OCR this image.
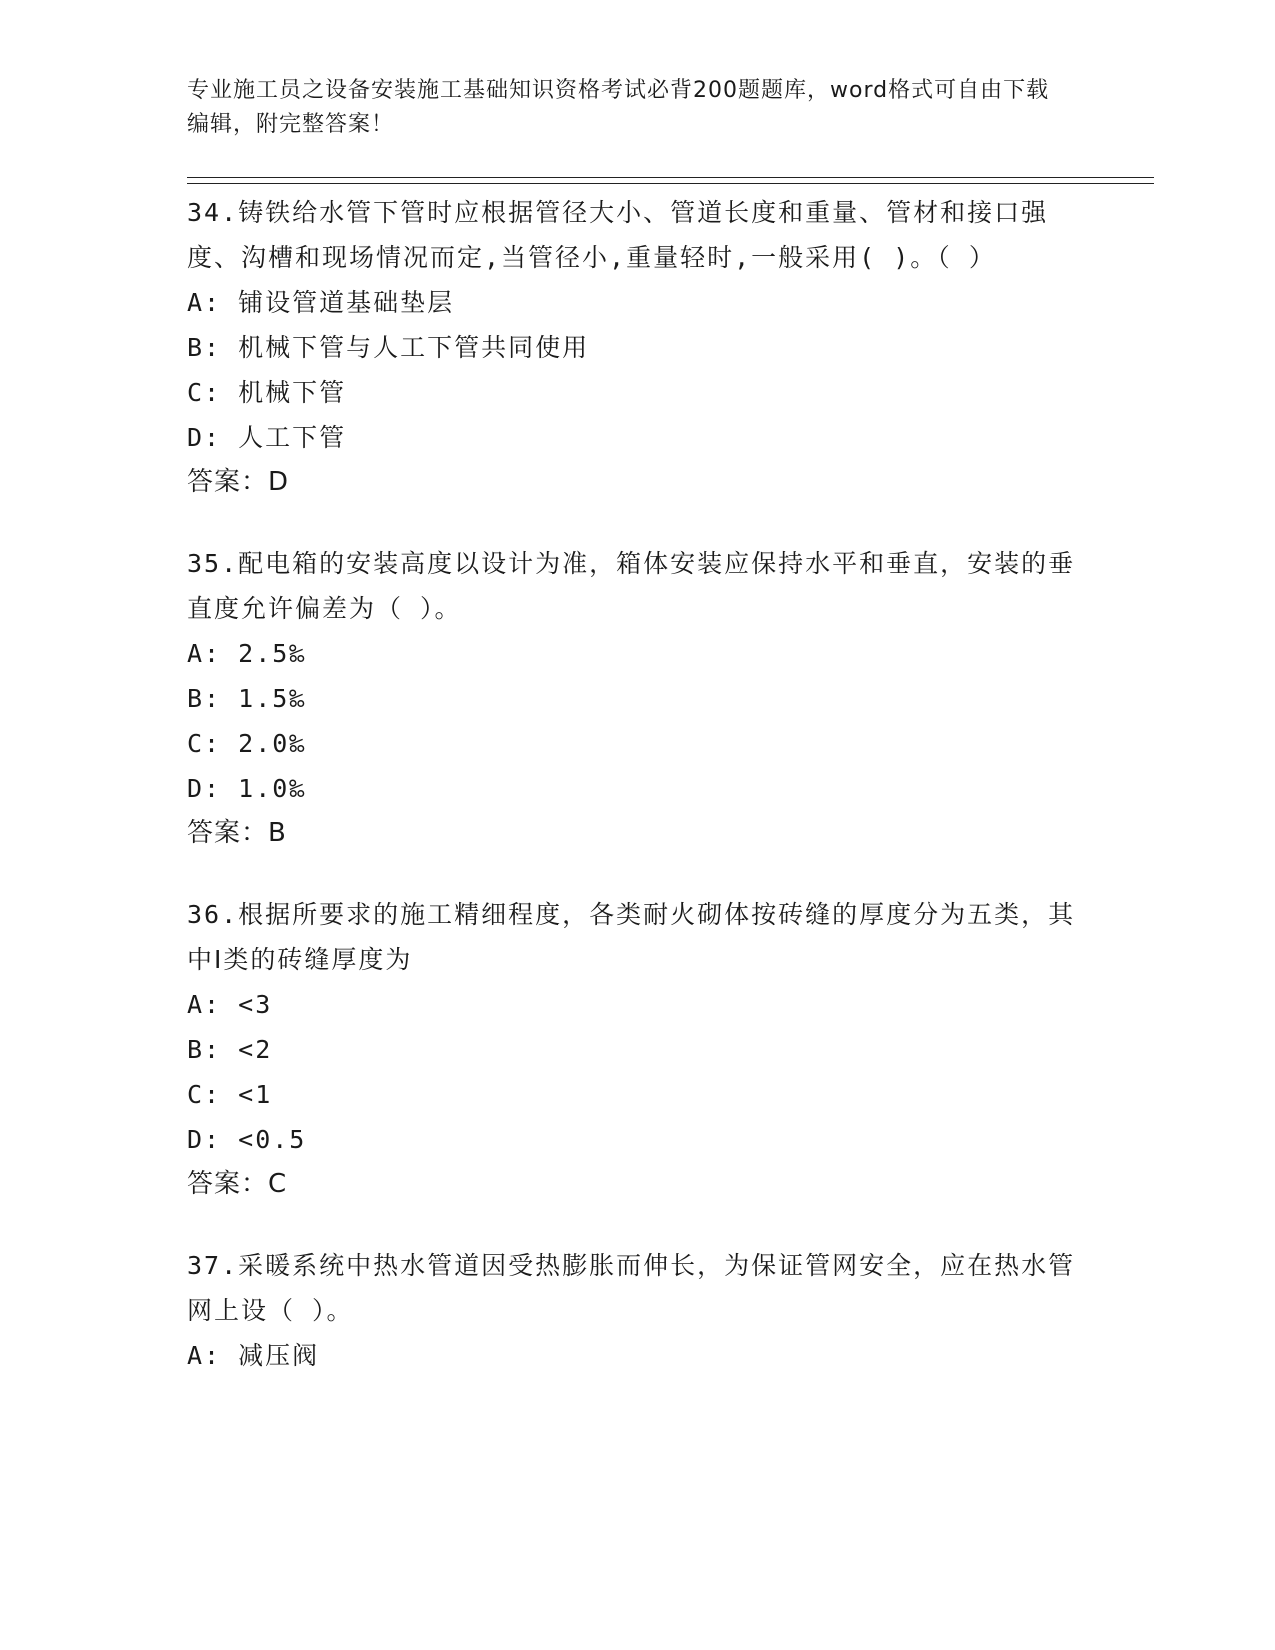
专业施工员之设备安装施工基础知识资格考试必背200题题库，word格式可自由下载编辑，附完整答案！
34.铸铁给水管下管时应根据管径大小、管道长度和重量、管材和接口强度、沟槽和现场情况而定,当管径小,重量轻时,一般采用( )。（ ）
A: 铺设管道基础垫层
B: 机械下管与人工下管共同使用
C: 机械下管
D: 人工下管
答案：D
35.配电箱的安装高度以设计为准，箱体安装应保持水平和垂直，安装的垂直度允许偏差为（ ）。
A: 2.5‰
B: 1.5‰
C: 2.0‰
D: 1.0‰
答案：B
36.根据所要求的施工精细程度，各类耐火砌体按砖缝的厚度分为五类，其中Ⅰ类的砖缝厚度为
A: <3
B: <2
C: <1
D: <0.5
答案：C
37.采暖系统中热水管道因受热膨胀而伸长，为保证管网安全，应在热水管网上设（ ）。
A: 减压阀
